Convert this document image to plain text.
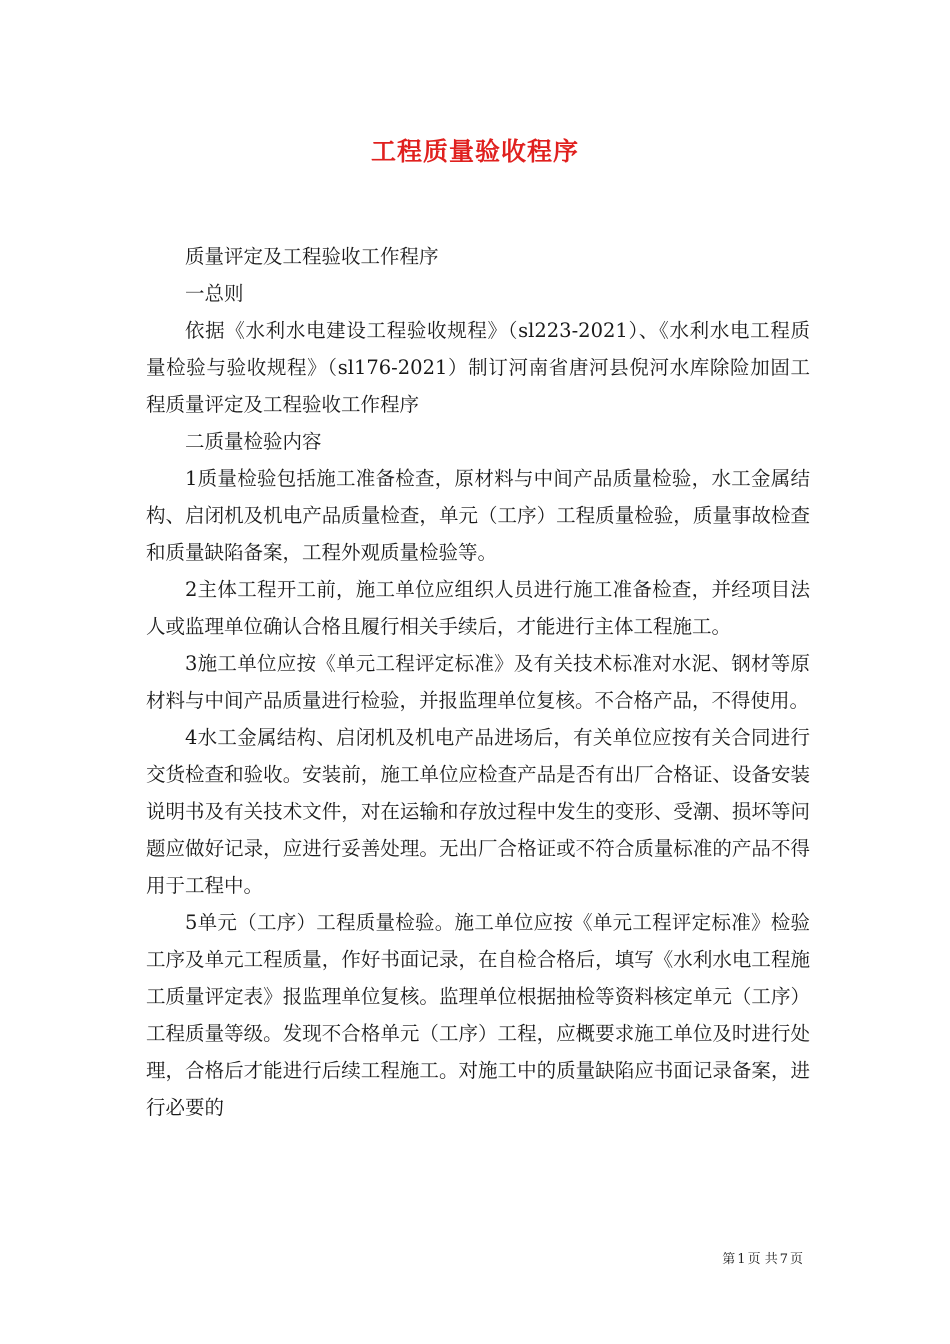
工程质量验收程序

质量评定及工程验收工作程序

一总则

依据《水利水电建设工程验收规程》（sl223-2021）、《水利水电工程质量检验与验收规程》（sl176-2021）制订河南省唐河县倪河水库除险加固工程质量评定及工程验收工作程序

二质量检验内容

1质量检验包括施工准备检查，原材料与中间产品质量检验，水工金属结构、启闭机及机电产品质量检查，单元（工序）工程质量检验，质量事故检查和质量缺陷备案，工程外观质量检验等。

2主体工程开工前，施工单位应组织人员进行施工准备检查，并经项目法人或监理单位确认合格且履行相关手续后，才能进行主体工程施工。

3施工单位应按《单元工程评定标准》及有关技术标准对水泥、钢材等原材料与中间产品质量进行检验，并报监理单位复核。不合格产品，不得使用。

4水工金属结构、启闭机及机电产品进场后，有关单位应按有关合同进行交货检查和验收。安装前，施工单位应检查产品是否有出厂合格证、设备安装说明书及有关技术文件，对在运输和存放过程中发生的变形、受潮、损坏等问题应做好记录，应进行妥善处理。无出厂合格证或不符合质量标准的产品不得用于工程中。

5单元（工序）工程质量检验。施工单位应按《单元工程评定标准》检验工序及单元工程质量，作好书面记录，在自检合格后，填写《水利水电工程施工质量评定表》报监理单位复核。监理单位根据抽检等资料核定单元（工序）工程质量等级。发现不合格单元（工序）工程，应概要求施工单位及时进行处理，合格后才能进行后续工程施工。对施工中的质量缺陷应书面记录备案，进行必要的

第 1 页 共 7 页
